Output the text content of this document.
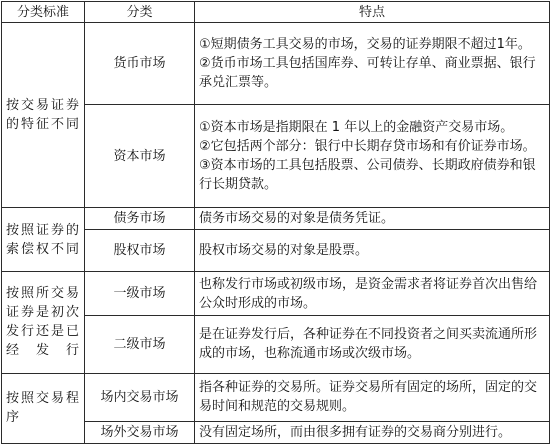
分类标准	分类	特点
按交易证券的特征不同	货币市场	①短期债务工具交易的市场，交易的证券期限不超过1年。
②货币市场工具包括国库券、可转让存单、商业票据、银行承兑汇票等。

	资本市场	①资本市场是指期限在 1 年以上的金融资产交易市场。
②它包括两个部分：银行中长期存贷市场和有价证券市场。
③资本市场的工具包括股票、公司债券、长期政府债券和银行长期贷款。

按照证券的索偿权不同	债务市场	债务市场交易的对象是债务凭证。

	股权市场	股权市场交易的对象是股票。

按照所交易证券是初次发行还是已经发行	一级市场	也称发行市场或初级市场，是资金需求者将证券首次出售给公众时形成的市场。

	二级市场	是在证券发行后，各种证券在不同投资者之间买卖流通所形成的市场，也称流通市场或次级市场。

按照交易程序	场内交易市场	指各种证券的交易所。证券交易所有固定的场所，固定的交易时间和规范的交易规则。

	场外交易市场	没有固定场所，而由很多拥有证券的交易商分别进行。
